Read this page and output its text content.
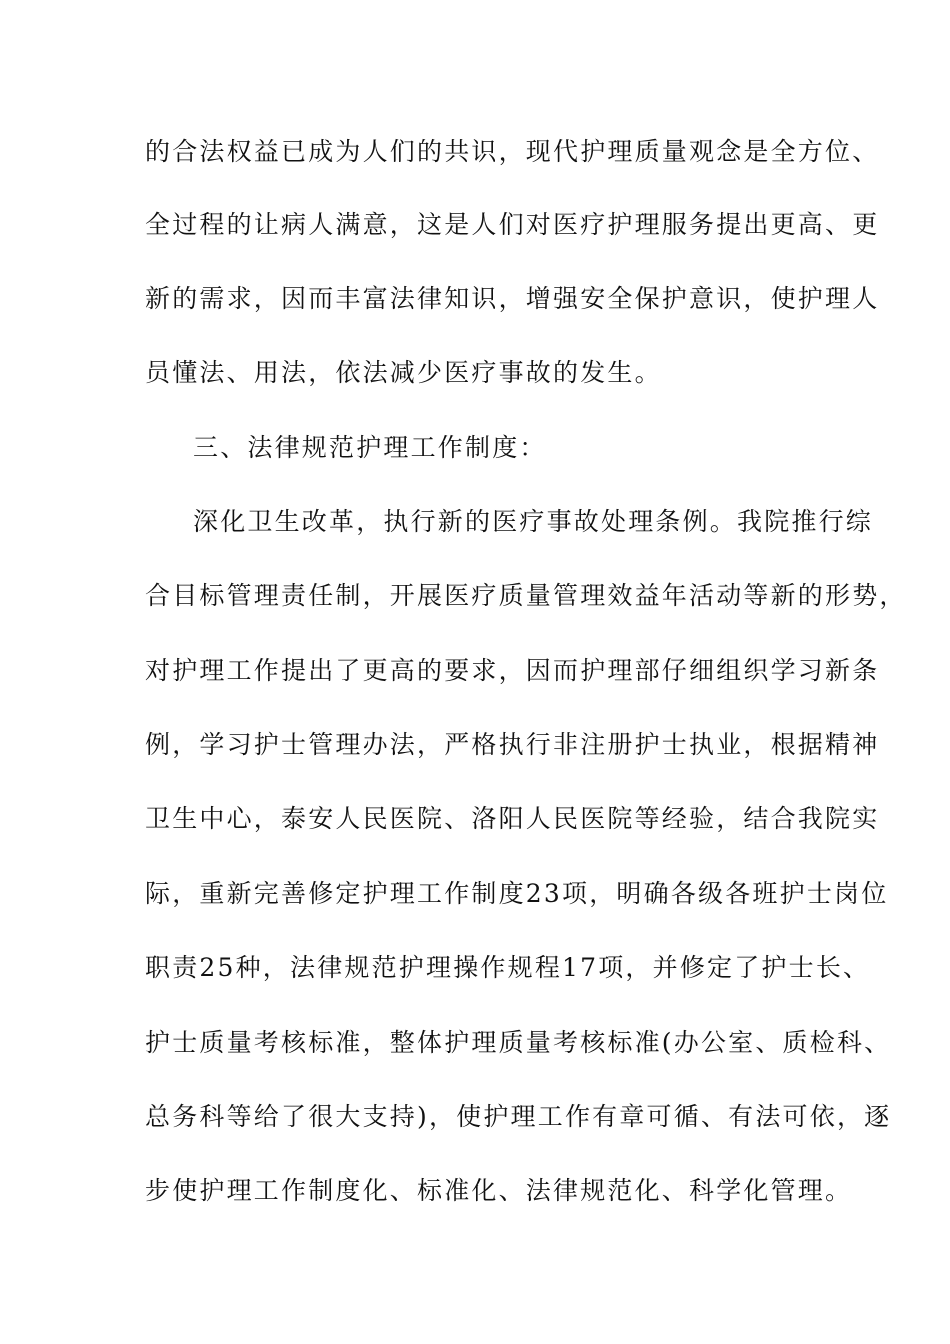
的合法权益已成为人们的共识，现代护理质量观念是全方位、
全过程的让病人满意，这是人们对医疗护理服务提出更高、更
新的需求，因而丰富法律知识，增强安全保护意识，使护理人
员懂法、用法，依法减少医疗事故的发生。
三、法律规范护理工作制度：
深化卫生改革，执行新的医疗事故处理条例。我院推行综
合目标管理责任制，开展医疗质量管理效益年活动等新的形势，
对护理工作提出了更高的要求，因而护理部仔细组织学习新条
例，学习护士管理办法，严格执行非注册护士执业，根据精神
卫生中心，泰安人民医院、洛阳人民医院等经验，结合我院实
际，重新完善修定护理工作制度23项，明确各级各班护士岗位
职责25种，法律规范护理操作规程17项，并修定了护士长、
护士质量考核标准，整体护理质量考核标准(办公室、质检科、
总务科等给了很大支持)，使护理工作有章可循、有法可依，逐
步使护理工作制度化、标准化、法律规范化、科学化管理。
